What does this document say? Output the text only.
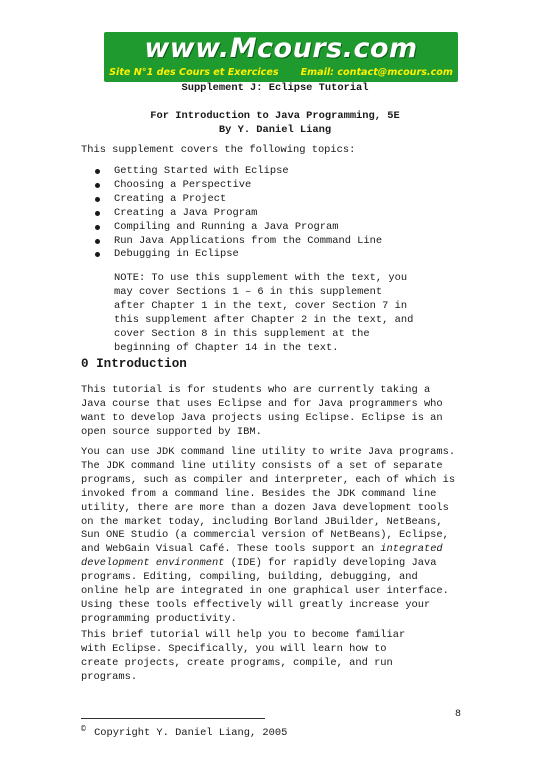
www.Mcours.com
Site N°1 des Cours et Exercices Email: contact@mcours.com
Supplement J: Eclipse Tutorial
For Introduction to Java Programming, 5E
By Y. Daniel Liang
This supplement covers the following topics:
Getting Started with Eclipse
Choosing a Perspective
Creating a Project
Creating a Java Program
Compiling and Running a Java Program
Run Java Applications from the Command Line
Debugging in Eclipse
NOTE: To use this supplement with the text, you
may cover Sections 1 – 6 in this supplement
after Chapter 1 in the text, cover Section 7 in
this supplement after Chapter 2 in the text, and
cover Section 8 in this supplement at the
beginning of Chapter 14 in the text.
0 Introduction
This tutorial is for students who are currently taking a
Java course that uses Eclipse and for Java programmers who
want to develop Java projects using Eclipse. Eclipse is an
open source supported by IBM.
You can use JDK command line utility to write Java programs.
The JDK command line utility consists of a set of separate
programs, such as compiler and interpreter, each of which is
invoked from a command line. Besides the JDK command line
utility, there are more than a dozen Java development tools
on the market today, including Borland JBuilder, NetBeans,
Sun ONE Studio (a commercial version of NetBeans), Eclipse,
and WebGain Visual Café. These tools support an integrated
development environment (IDE) for rapidly developing Java
programs. Editing, compiling, building, debugging, and
online help are integrated in one graphical user interface.
Using these tools effectively will greatly increase your
programming productivity.
This brief tutorial will help you to become familiar
with Eclipse. Specifically, you will learn how to
create projects, create programs, compile, and run
programs.
8
© Copyright Y. Daniel Liang, 2005
